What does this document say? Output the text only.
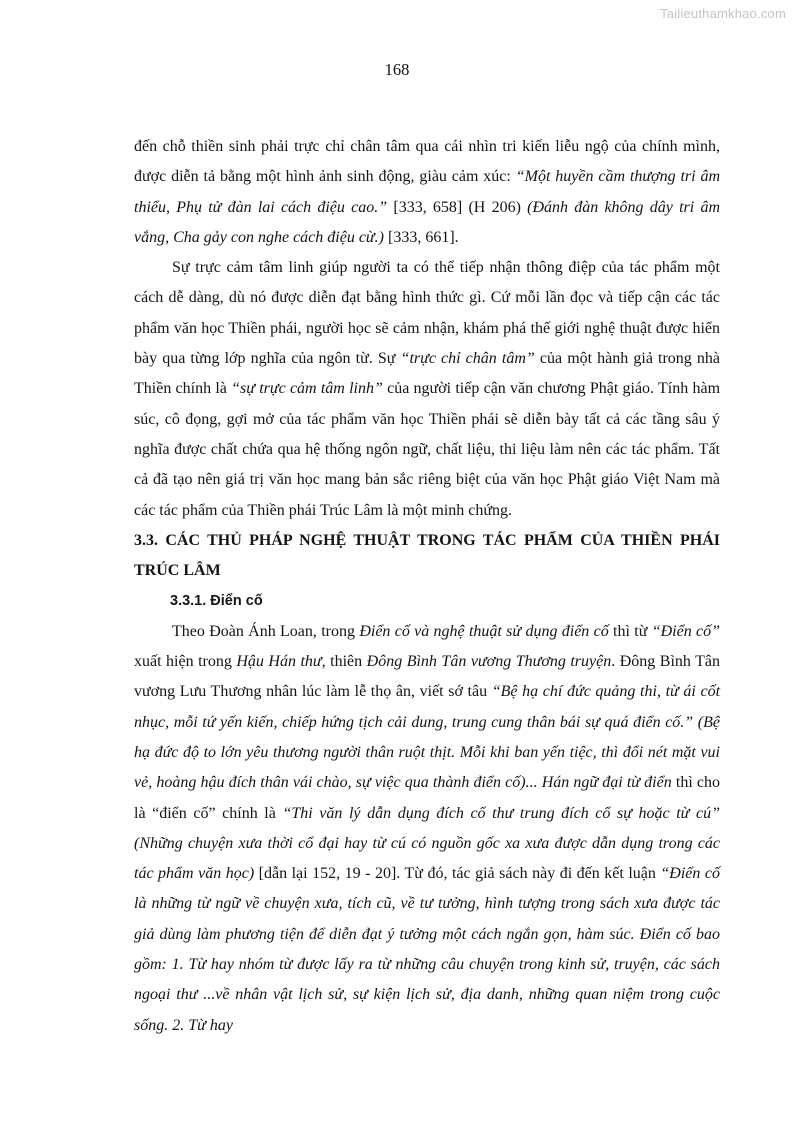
Tailieuthamkhao.com
168

đến chỗ thiền sinh phải trực chỉ chân tâm qua cái nhìn tri kiến liễu ngộ của chính mình, được diễn tả bằng một hình ảnh sinh động, giàu cảm xúc: “Một huyền cầm thượng tri âm thiểu, Phụ tử đàn lai cách điệu cao.” [333, 658] (H 206) (Đánh đàn không dây tri âm vắng, Cha gảy con nghe cách điệu cừ.) [333, 661].

Sự trực cảm tâm linh giúp người ta có thể tiếp nhận thông điệp của tác phẩm một cách dễ dàng, dù nó được diễn đạt bằng hình thức gì. Cứ mỗi lần đọc và tiếp cận các tác phẩm văn học Thiền phái, người học sẽ cảm nhận, khám phá thế giới nghệ thuật được hiển bày qua từng lớp nghĩa của ngôn từ. Sự “trực chỉ chân tâm” của một hành giả trong nhà Thiền chính là “sự trực cảm tâm linh” của người tiếp cận văn chương Phật giáo. Tính hàm súc, cô đọng, gợi mở của tác phẩm văn học Thiền phái sẽ diễn bày tất cả các tầng sâu ý nghĩa được chất chứa qua hệ thống ngôn ngữ, chất liệu, thi liệu làm nên các tác phẩm. Tất cả đã tạo nên giá trị văn học mang bản sắc riêng biệt của văn học Phật giáo Việt Nam mà các tác phẩm của Thiền phái Trúc Lâm là một minh chứng.

3.3. CÁC THỦ PHÁP NGHỆ THUẬT TRONG TÁC PHẨM CỦA THIỀN PHÁI TRÚC LÂM

3.3.1. Điển cố

Theo Đoàn Ánh Loan, trong Điển cố và nghệ thuật sử dụng điển cố thì từ “Điển cố” xuất hiện trong Hậu Hán thư, thiên Đông Bình Tân vương Thương truyện. Đông Bình Tân vương Lưu Thương nhân lúc làm lễ thọ ân, viết sớ tâu “Bệ hạ chí đức quảng thi, từ ái cốt nhục, mỗi tứ yến kiến, chiếp hứng tịch cải dung, trung cung thân bái sự quá điển cố.” (Bệ hạ đức độ to lớn yêu thương người thân ruột thịt. Mỗi khi ban yến tiệc, thì đổi nét mặt vui vẻ, hoàng hậu đích thân vái chào, sự việc qua thành điển cố)... Hán ngữ đại từ điển thì cho là “điển cố” chính là “Thi văn lý dẫn dụng đích cổ thư trung đích cổ sự hoặc từ cú” (Những chuyện xưa thời cổ đại hay từ cú có nguồn gốc xa xưa được dẫn dụng trong các tác phẩm văn học) [dẫn lại 152, 19 - 20]. Từ đó, tác giả sách này đi đến kết luận “Điển cố là những từ ngữ về chuyện xưa, tích cũ, về tư tưởng, hình tượng trong sách xưa được tác giả dùng làm phương tiện để diễn đạt ý tưởng một cách ngắn gọn, hàm súc. Điển cố bao gồm: 1. Từ hay nhóm từ được lấy ra từ những câu chuyện trong kinh sử, truyện, các sách ngoại thư ...về nhân vật lịch sử, sự kiện lịch sử, địa danh, những quan niệm trong cuộc sống. 2. Từ hay
